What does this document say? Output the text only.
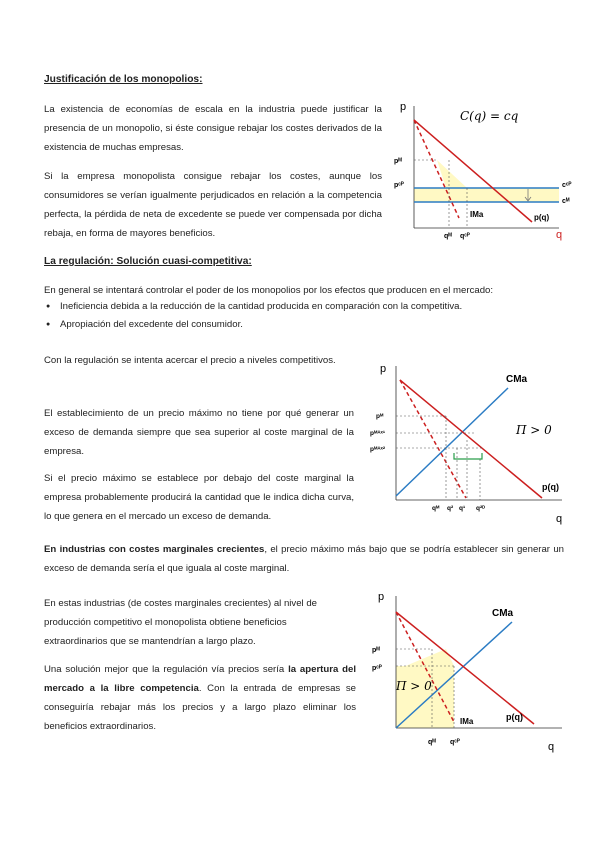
Justificación de los monopolios:

La existencia de economías de escala en la industria puede justificar la presencia de un monopolio, si éste consigue rebajar los costes derivados de la existencia de muchas empresas.

Si la empresa monopolista consigue rebajar los costes, aunque los consumidores se verían igualmente perjudicados en relación a la competencia perfecta, la pérdida de neta de excedente se puede ver compensada por dicha rebaja, en forma de mayores beneficios.

p
q
C(q) = cq
pᴹ
pᶜᴾ	cᶜᴾ
cᴹ
qᴹ qᶜᴾ
IMa	p(q)

La regulación: Solución cuasi-competitiva:

En general se intentará controlar el poder de los monopolios por los efectos que producen en el mercado:

● Ineficiencia debida a la reducción de la cantidad producida en comparación con la competitiva.
● Apropiación del excedente del consumidor.

Con la regulación se intenta acercar el precio a niveles competitivos.

El establecimiento de un precio máximo no tiene por qué generar un exceso de demanda siempre que sea superior al coste marginal de la empresa.

Si el precio máximo se establece por debajo del coste marginal la empresa probablemente producirá la cantidad que le indica dicha curva, lo que genera en el mercado un exceso de demanda.

En industrias con costes marginales crecientes, el precio máximo más bajo que se podría establecer sin generar un exceso de demanda sería el que iguala al coste marginal.

p
q
CMa
Π > 0
pᴹ
pᴹᴬˣ¹
pᴹᴬˣ²
qᴹ q² q¹ q²ᴰ
p(q)

En estas industrias (de costes marginales crecientes) al nivel de producción competitivo el monopolista obtiene beneficios extraordinarios que se mantendrían a largo plazo.

Una solución mejor que la regulación vía precios sería la apertura del mercado a la libre competencia. Con la entrada de empresas se conseguiría rebajar más los precios y a largo plazo eliminar los beneficios extraordinarios.

p
q
CMa
Π > 0
pᴹ
pᶜᴾ
qᴹ qᶜᴾ
IMa	p(q)
